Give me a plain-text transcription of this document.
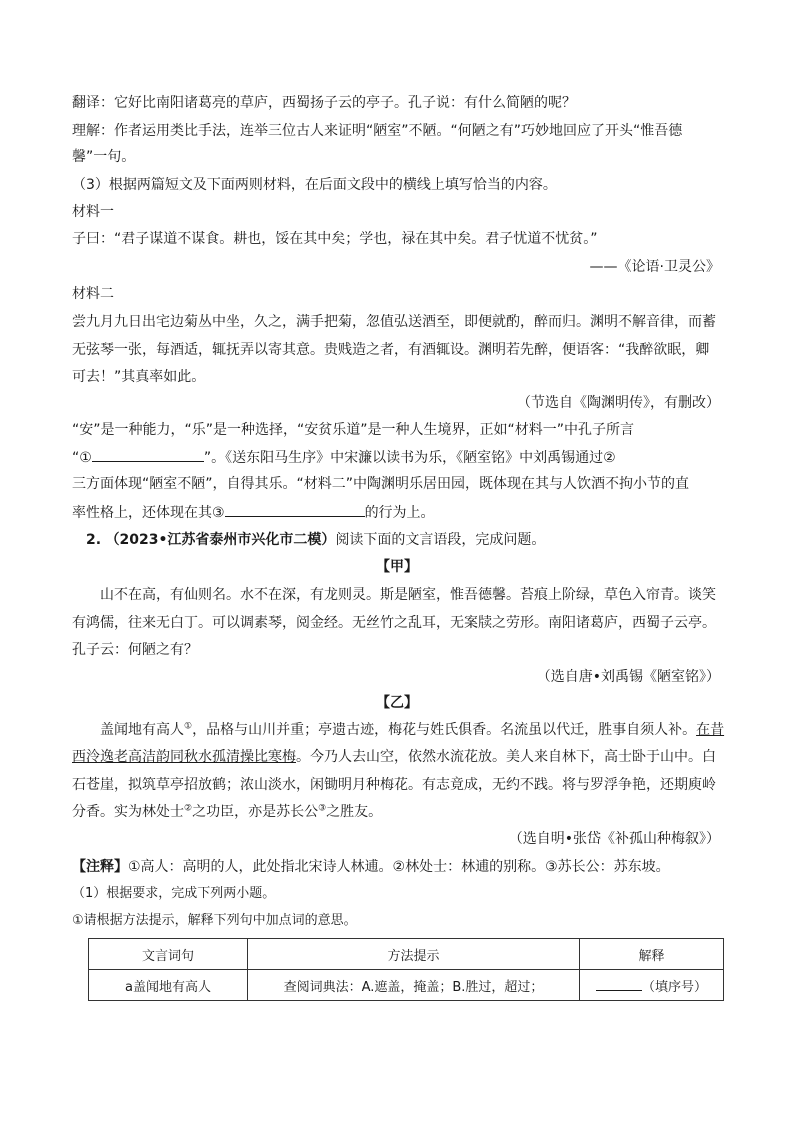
翻译：它好比南阳诸葛亮的草庐，西蜀扬子云的亭子。孔子说：有什么简陋的呢？
理解：作者运用类比手法，连举三位古人来证明“陋室”不陋。“何陋之有”巧妙地回应了开头“惟吾德
馨”一句。
（3）根据两篇短文及下面两则材料，在后面文段中的横线上填写恰当的内容。
材料一
子曰：“君子谋道不谋食。耕也，馁在其中矣；学也，禄在其中矣。君子忧道不忧贫。”
——《论语·卫灵公》
材料二
尝九月九日出宅边菊丛中坐，久之，满手把菊，忽值弘送酒至，即便就酌，醉而归。渊明不解音律，而蓄
无弦琴一张，每酒适，辄抚弄以寄其意。贵贱造之者，有酒辄设。渊明若先醉，便语客：“我醉欲眠，卿
可去！”其真率如此。
（节选自《陶渊明传》，有删改）
“安”是一种能力，“乐”是一种选择，“安贫乐道”是一种人生境界，正如“材料一”中孔子所言
“①	”。《送东阳马生序》中宋濂以读书为乐，《陋室铭》中刘禹锡通过②
三方面体现“陋室不陋”，自得其乐。“材料二”中陶渊明乐居田园，既体现在其与人饮酒不拘小节的直
率性格上，还体现在其③	的行为上。
2. （2023•江苏省泰州市兴化市二模）阅读下面的文言语段，完成问题。
【甲】
山不在高，有仙则名。水不在深，有龙则灵。斯是陋室，惟吾德馨。苔痕上阶绿，草色入帘青。谈笑
有鸿儒，往来无白丁。可以调素琴，阅金经。无丝竹之乱耳，无案牍之劳形。南阳诸葛庐，西蜀子云亭。
孔子云：何陋之有？
（选自唐•刘禹锡《陋室铭》）
【乙】
盖闻地有高人①，品格与山川并重；亭遗古迹，梅花与姓氏俱香。名流虽以代迁，胜事自须人补。在昔
西泠逸老高洁韵同秋水孤清操比寒梅。今乃人去山空，依然水流花放。美人来自林下，高士卧于山中。白
石苍崖，拟筑草亭招放鹤；浓山淡水，闲锄明月种梅花。有志竟成，无约不践。将与罗浮争艳，还期庾岭
分香。实为林处士②之功臣，亦是苏长公③之胜友。
（选自明•张岱《补孤山种梅叙》）
【注释】①高人：高明的人，此处指北宋诗人林逋。②林处士：林逋的别称。③苏长公：苏东坡。
（1）根据要求，完成下列两小题。
①请根据方法提示，解释下列句中加点词的意思。
文言词句	方法提示	解释
a盖闻地有高人	查阅词典法：A.遮盖，掩盖；B.胜过，超过；	（填序号）
